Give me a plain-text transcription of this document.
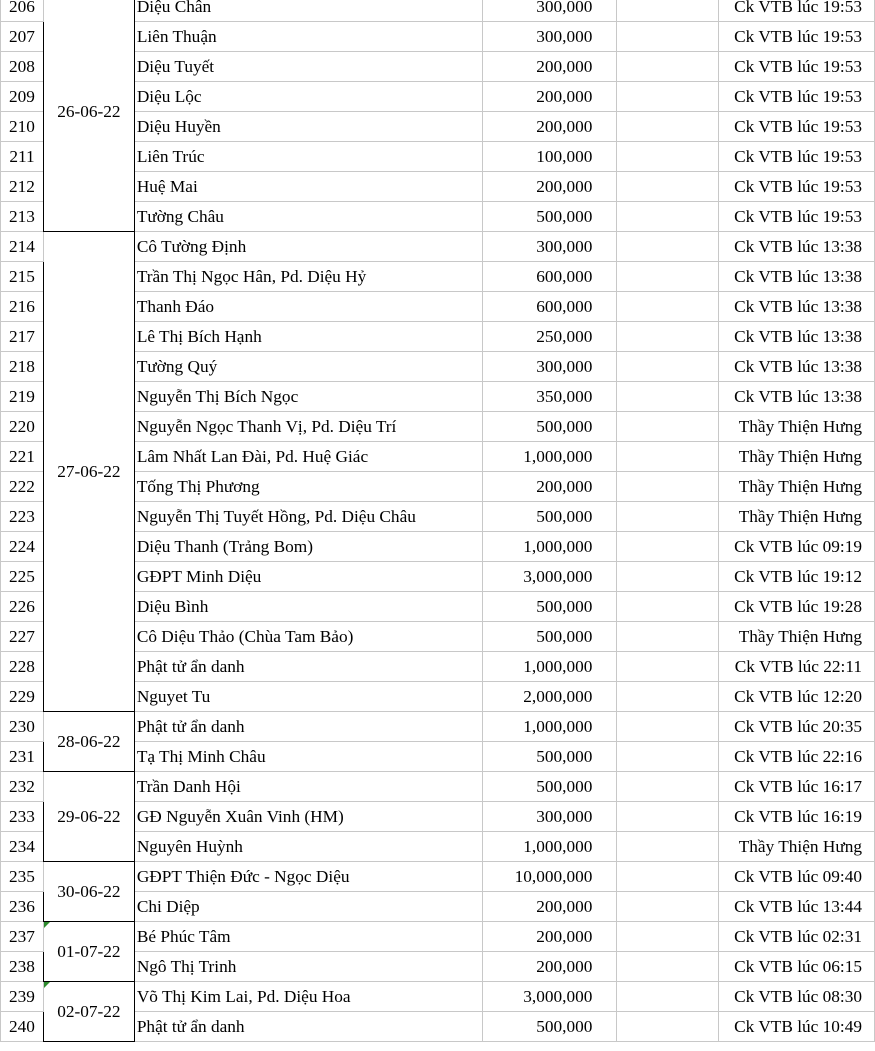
206	26-06-22	Diệu Chân	300,000		Ck VTB lúc 19:53
207		Liên Thuận	300,000		Ck VTB lúc 19:53
208		Diệu Tuyết	200,000		Ck VTB lúc 19:53
209		Diệu Lộc	200,000		Ck VTB lúc 19:53
210		Diệu Huyền	200,000		Ck VTB lúc 19:53
211		Liên Trúc	100,000		Ck VTB lúc 19:53
212		Huệ Mai	200,000		Ck VTB lúc 19:53
213		Tường Châu	500,000		Ck VTB lúc 19:53
214	27-06-22	Cô Tường Định	300,000		Ck VTB lúc 13:38
215		Trần Thị Ngọc Hân, Pd. Diệu Hỷ	600,000		Ck VTB lúc 13:38
216		Thanh Đáo	600,000		Ck VTB lúc 13:38
217		Lê Thị Bích Hạnh	250,000		Ck VTB lúc 13:38
218		Tường Quý	300,000		Ck VTB lúc 13:38
219		Nguyễn Thị Bích Ngọc	350,000		Ck VTB lúc 13:38
220		Nguyễn Ngọc Thanh Vị, Pd. Diệu Trí	500,000		Thầy Thiện Hưng
221		Lâm Nhất Lan Đài, Pd. Huệ Giác	1,000,000		Thầy Thiện Hưng
222		Tống Thị Phương	200,000		Thầy Thiện Hưng
223		Nguyễn Thị Tuyết Hồng, Pd. Diệu Châu	500,000		Thầy Thiện Hưng
224		Diệu Thanh (Trảng Bom)	1,000,000		Ck VTB lúc 09:19
225		GĐPT Minh Diệu	3,000,000		Ck VTB lúc 19:12
226		Diệu Bình	500,000		Ck VTB lúc 19:28
227		Cô Diệu Thảo (Chùa Tam Bảo)	500,000		Thầy Thiện Hưng
228		Phật tử ẩn danh	1,000,000		Ck VTB lúc 22:11
229		Nguyet Tu	2,000,000		Ck VTB lúc 12:20
230	28-06-22	Phật tử ẩn danh	1,000,000		Ck VTB lúc 20:35
231		Tạ Thị Minh Châu	500,000		Ck VTB lúc 22:16
232	29-06-22	Trần Danh Hội	500,000		Ck VTB lúc 16:17
233		GĐ Nguyễn Xuân Vinh (HM)	300,000		Ck VTB lúc 16:19
234		Nguyên Huỳnh	1,000,000		Thầy Thiện Hưng
235	30-06-22	GĐPT Thiện Đức - Ngọc Diệu	10,000,000		Ck VTB lúc 09:40
236		Chi Diệp	200,000		Ck VTB lúc 13:44
237	01-07-22	Bé Phúc Tâm	200,000		Ck VTB lúc 02:31
238		Ngô Thị Trinh	200,000		Ck VTB lúc 06:15
239	02-07-22	Võ Thị Kim Lai, Pd. Diệu Hoa	3,000,000		Ck VTB lúc 08:30
240		Phật tử ẩn danh	500,000		Ck VTB lúc 10:49
